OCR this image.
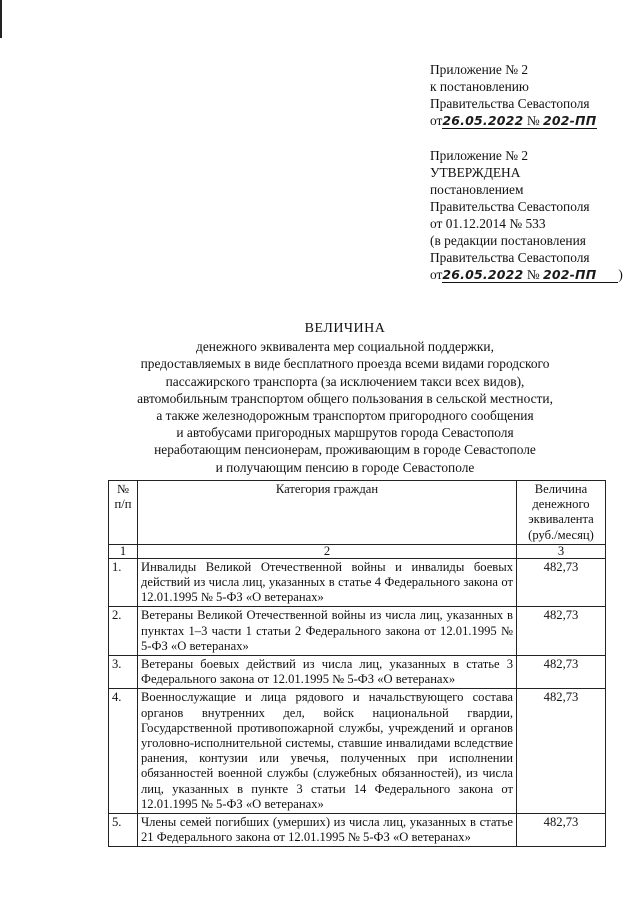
Приложение № 2
к постановлению
Правительства Севастополя
от26.05.2022 № 202-ПП
Приложение № 2
УТВЕРЖДЕНА
постановлением
Правительства Севастополя
от 01.12.2014 № 533
(в редакции постановления
Правительства Севастополя
от26.05.2022 № 202-ПП )
ВЕЛИЧИНА
денежного эквивалента мер социальной поддержки,
предоставляемых в виде бесплатного проезда всеми видами городского
пассажирского транспорта (за исключением такси всех видов),
автомобильным транспортом общего пользования в сельской местности,
а также железнодорожным транспортом пригородного сообщения
и автобусами пригородных маршрутов города Севастополя
неработающим пенсионерам, проживающим в городе Севастополе
и получающим пенсию в городе Севастополе
№ п/п	Категория граждан	Величина денежного эквивалента (руб./месяц)
1	2	3
1.	Инвалиды Великой Отечественной войны и инвалиды боевых действий из числа лиц, указанных в статье 4 Федерального закона от 12.01.1995 № 5-ФЗ «О ветеранах»	482,73
2.	Ветераны Великой Отечественной войны из числа лиц, указанных в пунктах 1–3 части 1 статьи 2 Федерального закона от 12.01.1995 № 5-ФЗ «О ветеранах»	482,73
3.	Ветераны боевых действий из числа лиц, указанных в статье 3 Федерального закона от 12.01.1995 № 5-ФЗ «О ветеранах»	482,73
4.	Военнослужащие и лица рядового и начальствующего состава органов внутренних дел, войск национальной гвардии, Государственной противопожарной службы, учреждений и органов уголовно-исполнительной системы, ставшие инвалидами вследствие ранения, контузии или увечья, полученных при исполнении обязанностей военной службы (служебных обязанностей), из числа лиц, указанных в пункте 3 статьи 14 Федерального закона от 12.01.1995 № 5-ФЗ «О ветеранах»	482,73
5.	Члены семей погибших (умерших) из числа лиц, указанных в статье 21 Федерального закона от 12.01.1995 № 5-ФЗ «О ветеранах»	482,73
